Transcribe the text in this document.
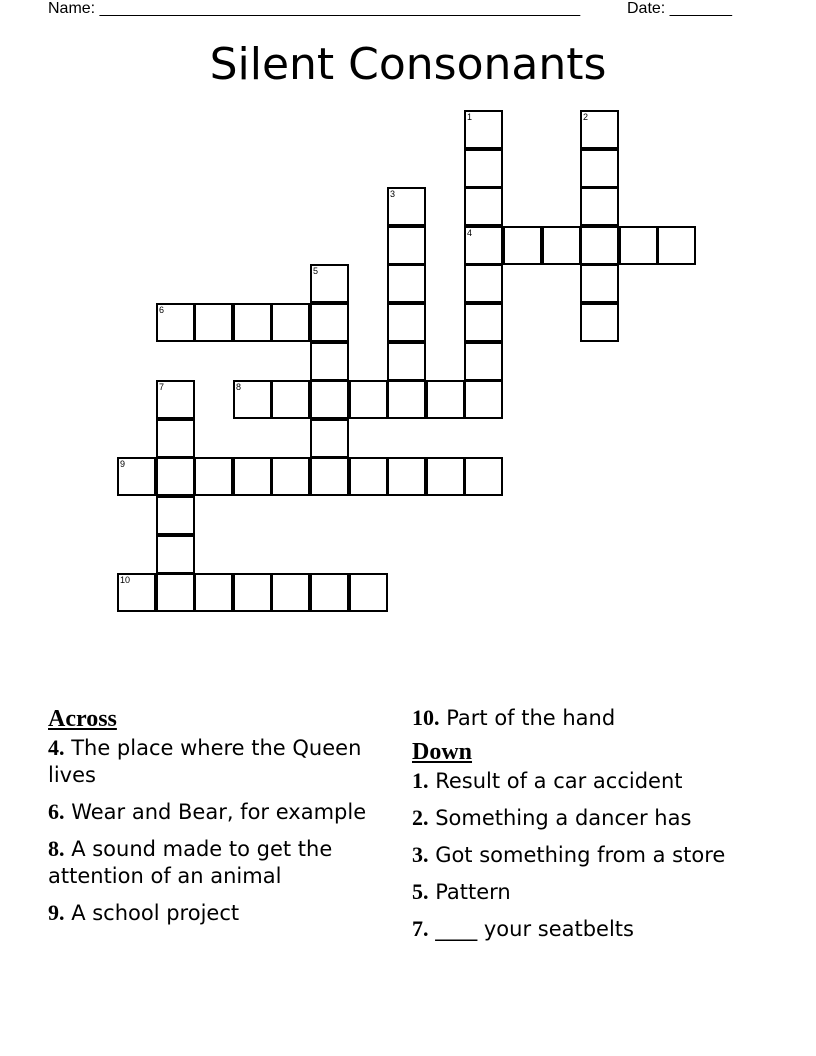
Name: ______________________________________________________	Date: _______
Silent Consonants
1	2
3
4
5
6
7	8
9
10
Across
4. The place where the Queen lives
6. Wear and Bear, for example
8. A sound made to get the attention of an animal
9. A school project
10. Part of the hand
Down
1. Result of a car accident
2. Something a dancer has
3. Got something from a store
5. Pattern
7. ____ your seatbelts
